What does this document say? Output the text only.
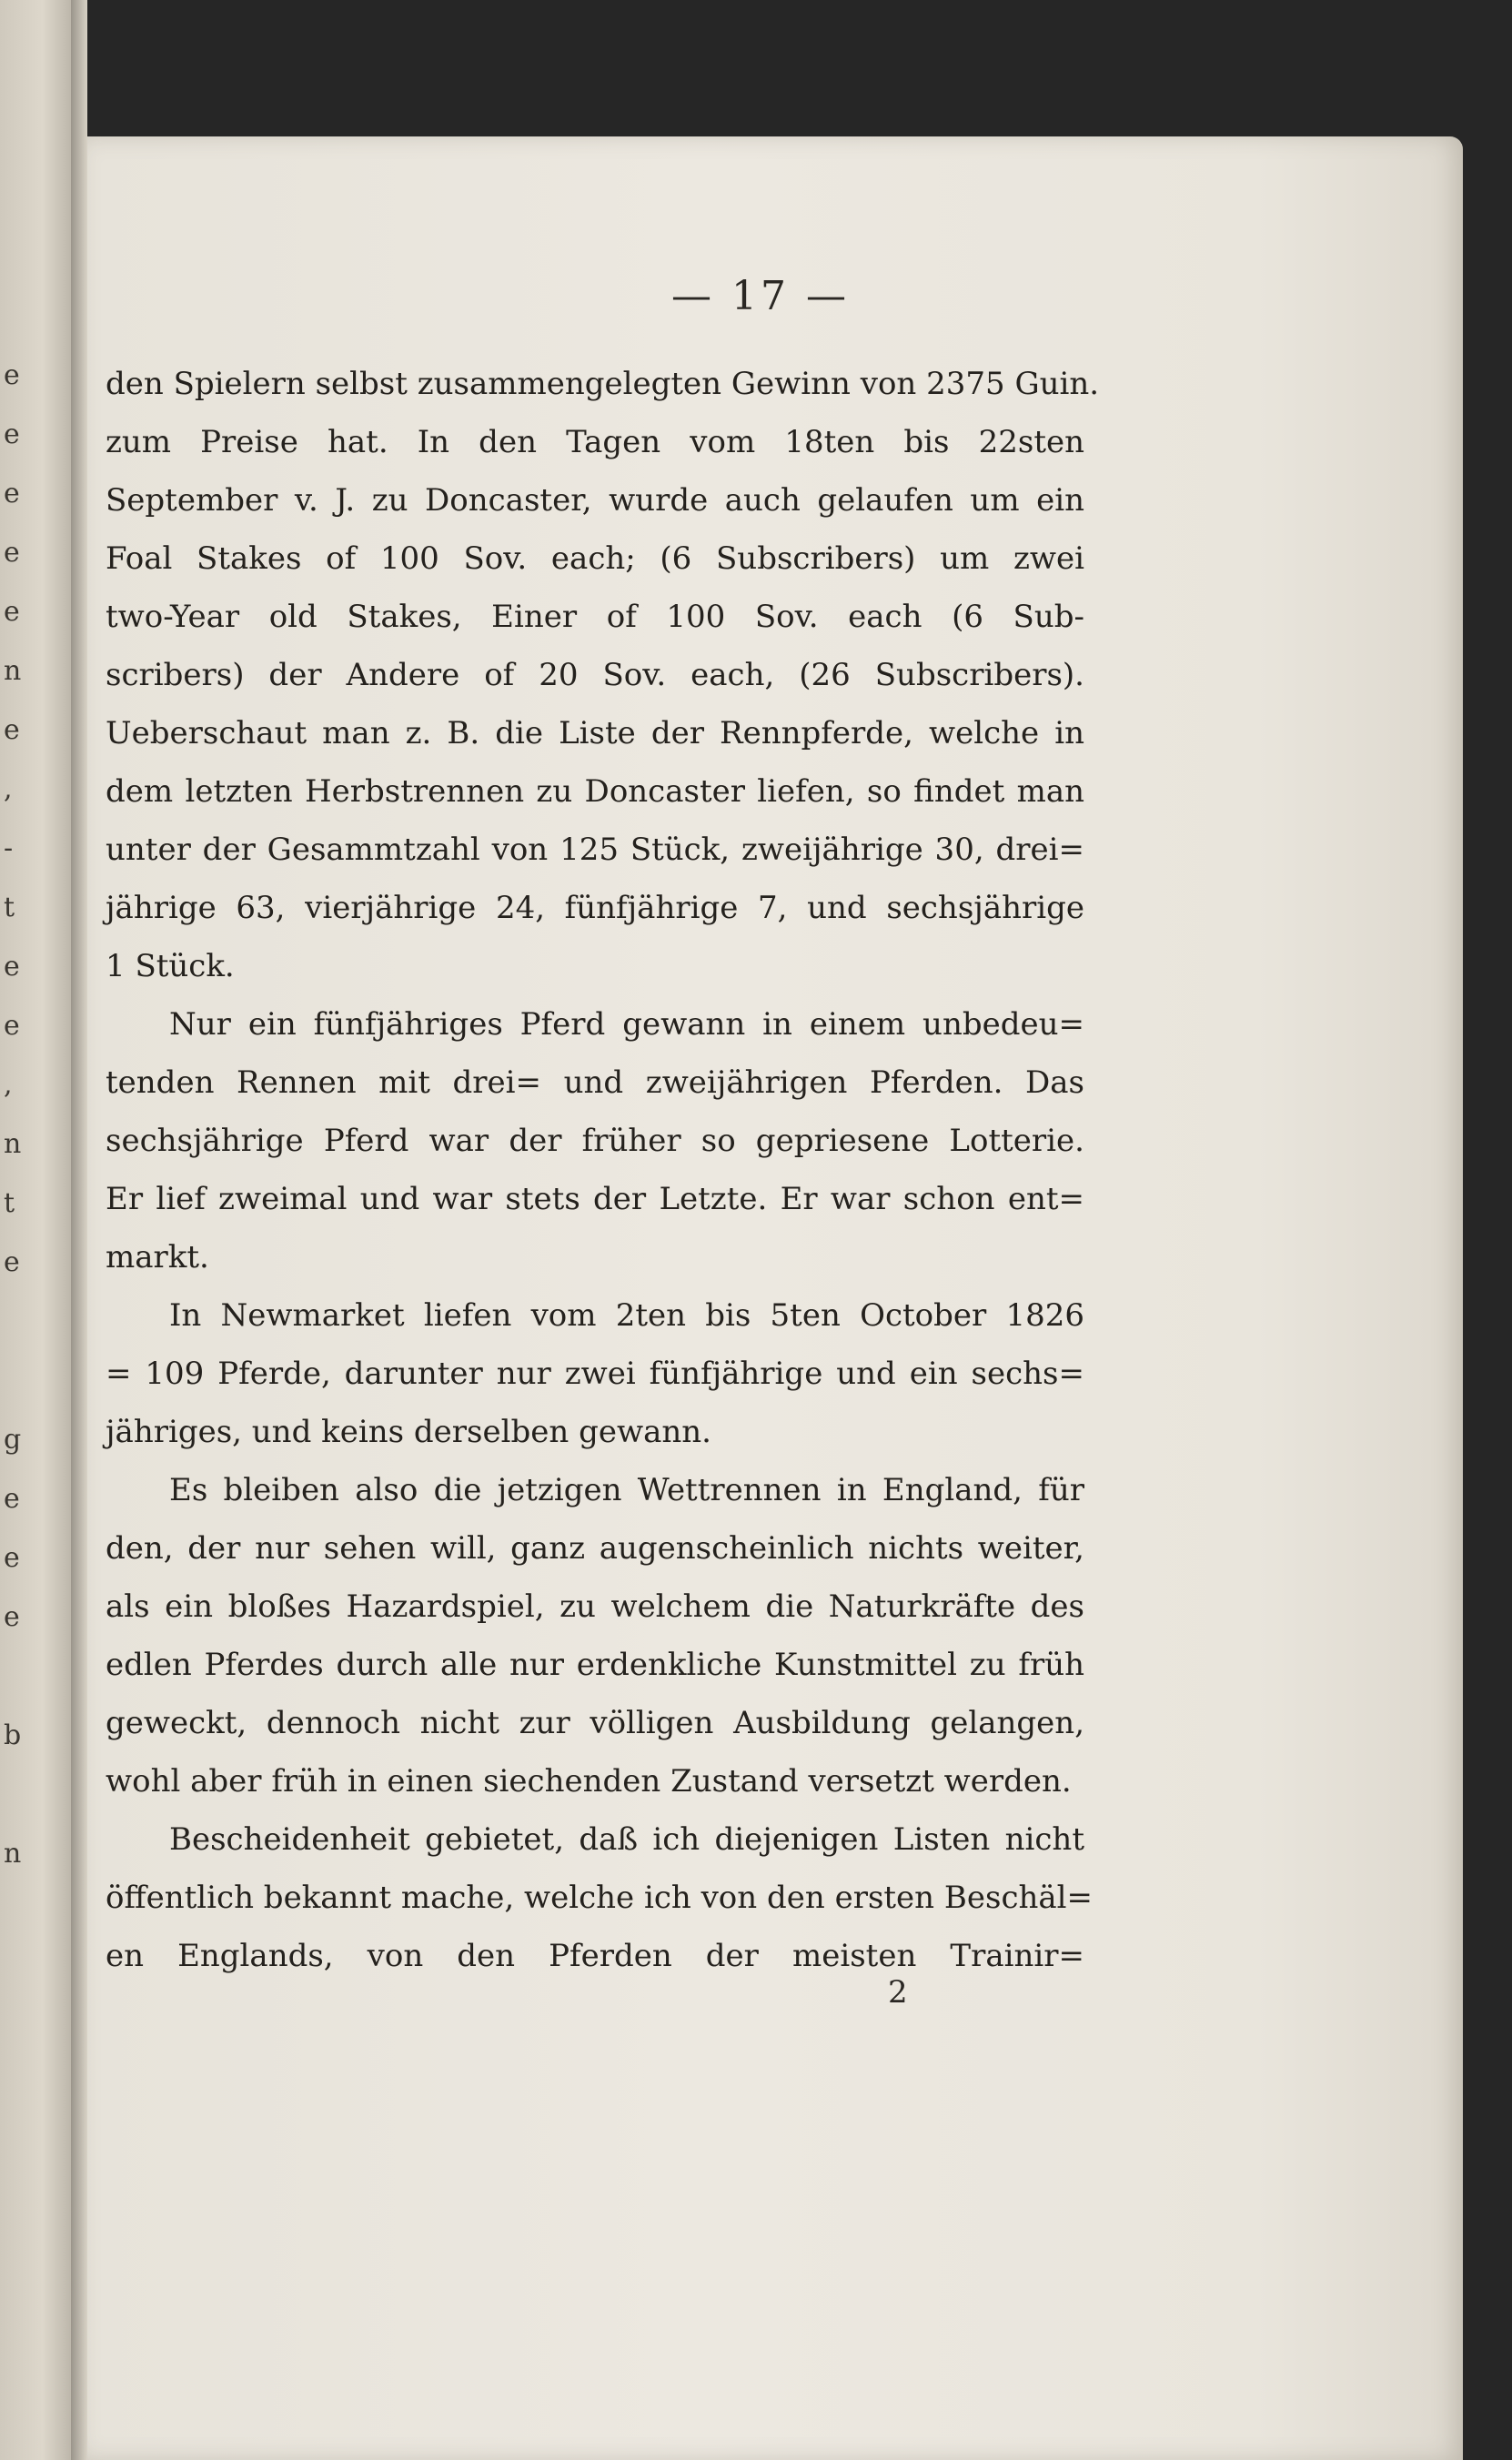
e
e
e
e
e
n
e
,
-
t
e
e
,
n
t
e
g
e
e
e
b
n
— 17 —
den Spielern selbst zusammengelegten Gewinn von 2375 Guin.
zum Preise hat. In den Tagen vom 18ten bis 22sten
September v. J. zu Doncaster, wurde auch gelaufen um ein
Foal Stakes of 100 Sov. each; (6 Subscribers) um zwei
two-Year old Stakes, Einer of 100 Sov. each (6 Sub-
scribers) der Andere of 20 Sov. each, (26 Subscribers).
Ueberschaut man z. B. die Liste der Rennpferde, welche in
dem letzten Herbstrennen zu Doncaster liefen, so findet man
unter der Gesammtzahl von 125 Stück, zweijährige 30, drei=
jährige 63, vierjährige 24, fünfjährige 7, und sechsjährige
1 Stück.
Nur ein fünfjähriges Pferd gewann in einem unbedeu=
tenden Rennen mit drei= und zweijährigen Pferden. Das
sechsjährige Pferd war der früher so gepriesene Lotterie.
Er lief zweimal und war stets der Letzte. Er war schon ent=
markt.
In Newmarket liefen vom 2ten bis 5ten October 1826
= 109 Pferde, darunter nur zwei fünfjährige und ein sechs=
jähriges, und keins derselben gewann.
Es bleiben also die jetzigen Wettrennen in England, für
den, der nur sehen will, ganz augenscheinlich nichts weiter,
als ein bloßes Hazardspiel, zu welchem die Naturkräfte des
edlen Pferdes durch alle nur erdenkliche Kunstmittel zu früh
geweckt, dennoch nicht zur völligen Ausbildung gelangen,
wohl aber früh in einen siechenden Zustand versetzt werden.
Bescheidenheit gebietet, daß ich diejenigen Listen nicht
öffentlich bekannt mache, welche ich von den ersten Beschäl=
en Englands, von den Pferden der meisten Trainir=
2
